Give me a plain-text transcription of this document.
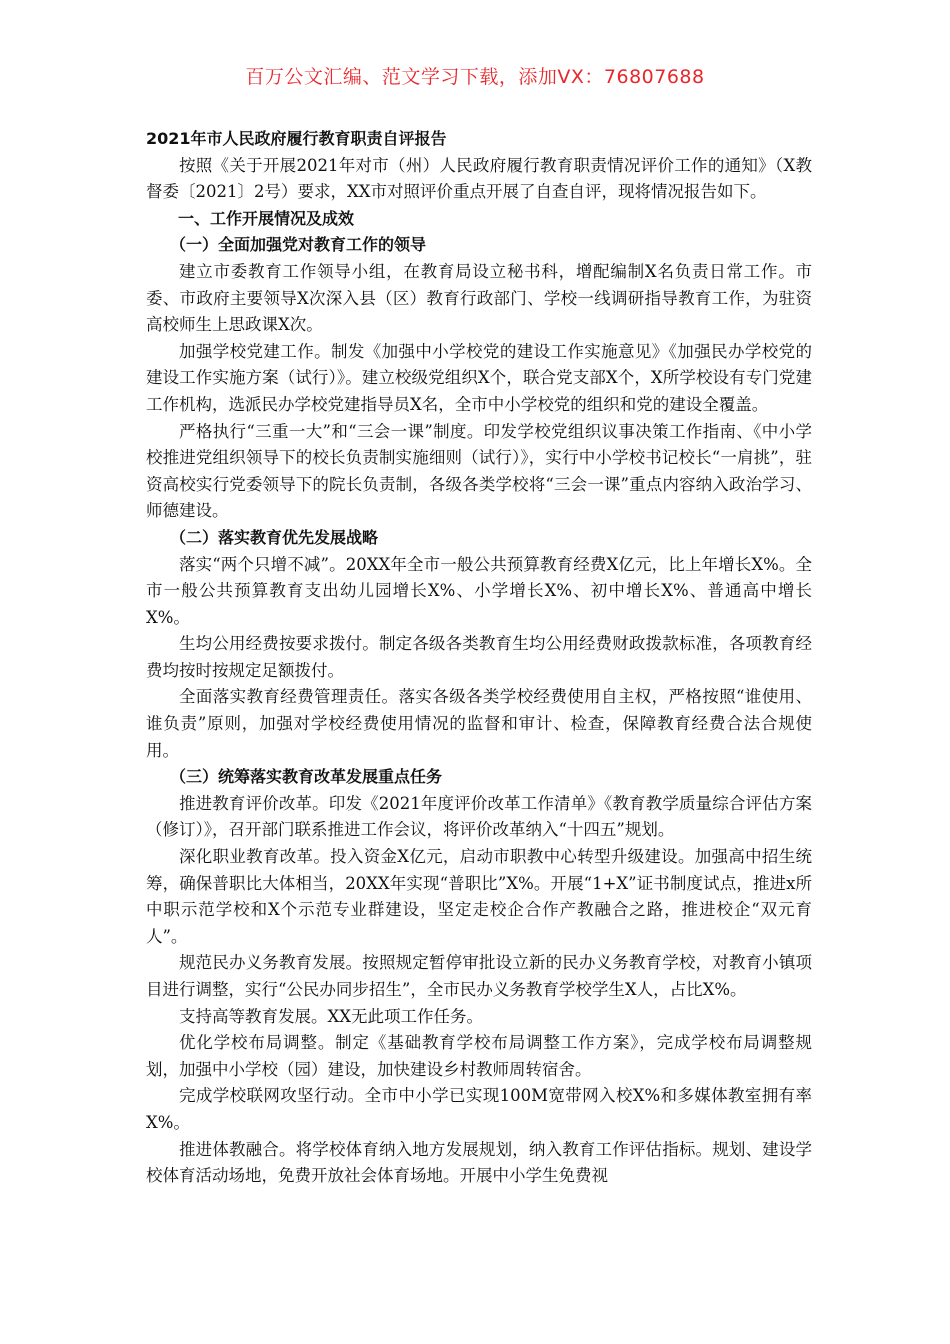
百万公文汇编、范文学习下载，添加VX：76807688

2021年市人民政府履行教育职责自评报告

按照《关于开展2021年对市（州）人民政府履行教育职责情况评价工作的通知》（X教督委〔2021〕2号）要求，XX市对照评价重点开展了自查自评，现将情况报告如下。

一、工作开展情况及成效

（一）全面加强党对教育工作的领导

建立市委教育工作领导小组，在教育局设立秘书科，增配编制X名负责日常工作。市委、市政府主要领导X次深入县（区）教育行政部门、学校一线调研指导教育工作，为驻资高校师生上思政课X次。

加强学校党建工作。制发《加强中小学校党的建设工作实施意见》《加强民办学校党的建设工作实施方案（试行）》。建立校级党组织X个，联合党支部X个，X所学校设有专门党建工作机构，选派民办学校党建指导员X名，全市中小学校党的组织和党的建设全覆盖。

严格执行“三重一大”和“三会一课”制度。印发学校党组织议事决策工作指南、《中小学校推进党组织领导下的校长负责制实施细则（试行）》，实行中小学校书记校长“一肩挑”，驻资高校实行党委领导下的院长负责制，各级各类学校将“三会一课”重点内容纳入政治学习、师德建设。

（二）落实教育优先发展战略

落实“两个只增不减”。20XX年全市一般公共预算教育经费X亿元，比上年增长X%。全市一般公共预算教育支出幼儿园增长X%、小学增长X%、初中增长X%、普通高中增长X%。

生均公用经费按要求拨付。制定各级各类教育生均公用经费财政拨款标准，各项教育经费均按时按规定足额拨付。

全面落实教育经费管理责任。落实各级各类学校经费使用自主权，严格按照“谁使用、谁负责”原则，加强对学校经费使用情况的监督和审计、检查，保障教育经费合法合规使用。

（三）统筹落实教育改革发展重点任务

推进教育评价改革。印发《2021年度评价改革工作清单》《教育教学质量综合评估方案（修订）》，召开部门联系推进工作会议，将评价改革纳入“十四五”规划。

深化职业教育改革。投入资金X亿元，启动市职教中心转型升级建设。加强高中招生统筹，确保普职比大体相当，20XX年实现“普职比”X%。开展“1+X”证书制度试点，推进x所中职示范学校和X个示范专业群建设，坚定走校企合作产教融合之路，推进校企“双元育人”。

规范民办义务教育发展。按照规定暂停审批设立新的民办义务教育学校，对教育小镇项目进行调整，实行“公民办同步招生”，全市民办义务教育学校学生X人，占比X%。

支持高等教育发展。XX无此项工作任务。

优化学校布局调整。制定《基础教育学校布局调整工作方案》，完成学校布局调整规划，加强中小学校（园）建设，加快建设乡村教师周转宿舍。

完成学校联网攻坚行动。全市中小学已实现100M宽带网入校X%和多媒体教室拥有率X%。

推进体教融合。将学校体育纳入地方发展规划，纳入教育工作评估指标。规划、建设学校体育活动场地，免费开放社会体育场地。开展中小学生免费视
